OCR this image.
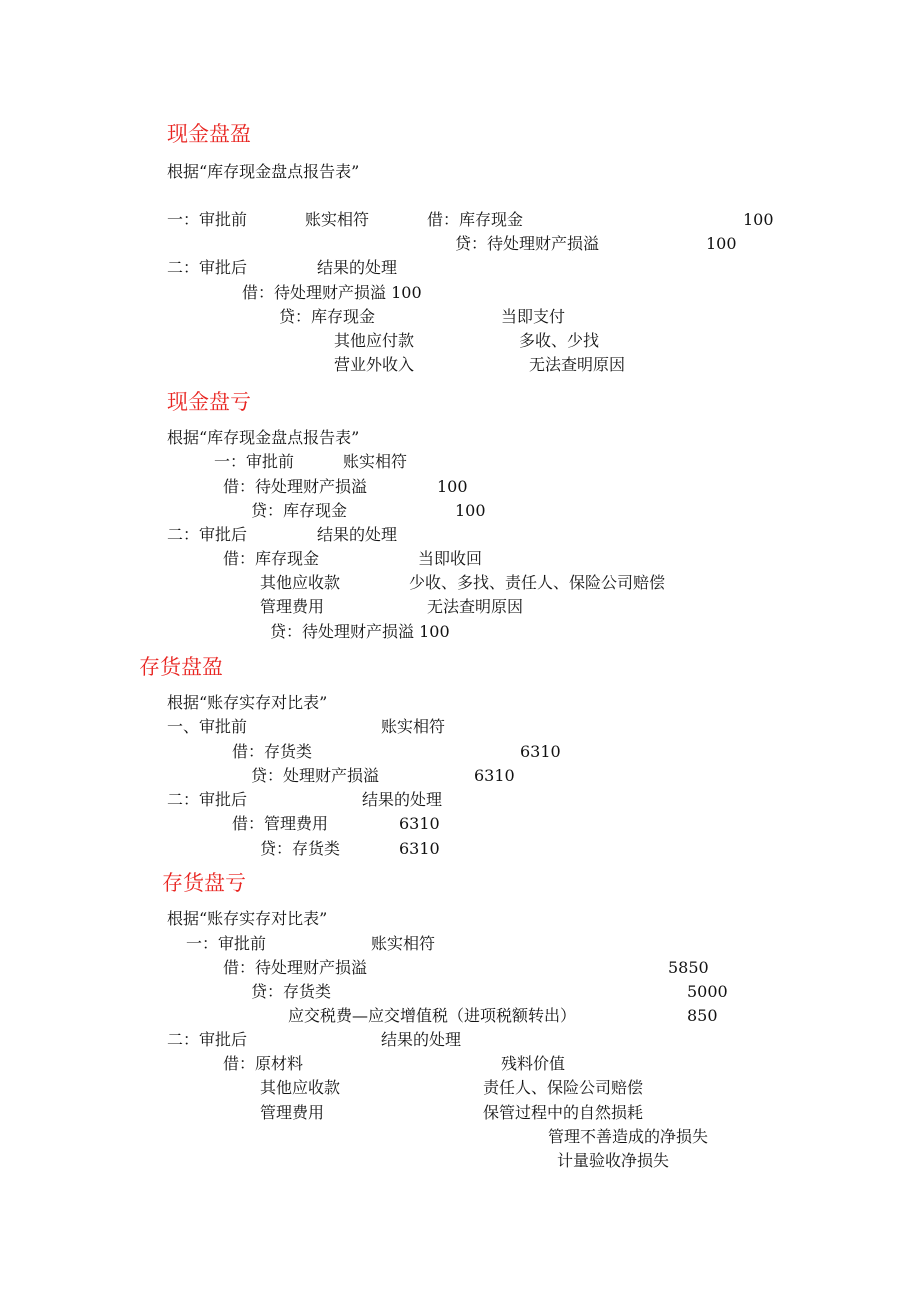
现金盘盈
根据“库存现金盘点报告表”
一：审批前	账实相符	借：库存现金	100
贷：待处理财产损溢	100
二：审批后	结果的处理
借：待处理财产损溢 100
贷：库存现金	当即支付
其他应付款	多收、少找
营业外收入	无法查明原因
现金盘亏
根据“库存现金盘点报告表”
一：审批前	账实相符
借：待处理财产损溢	100
贷：库存现金	100
二：审批后	结果的处理
借：库存现金	当即收回
其他应收款	少收、多找、责任人、保险公司赔偿
管理费用	无法查明原因
贷：待处理财产损溢 100
存货盘盈
根据“账存实存对比表”
一、审批前	账实相符
借：存货类	6310
贷：处理财产损溢	6310
二：审批后	结果的处理
借：管理费用	6310
贷：存货类	6310
存货盘亏
根据“账存实存对比表”
一：审批前	账实相符
借：待处理财产损溢	5850
贷：存货类	5000
应交税费—应交增值税（进项税额转出）	850
二：审批后	结果的处理
借：原材料	残料价值
其他应收款	责任人、保险公司赔偿
管理费用	保管过程中的自然损耗
管理不善造成的净损失
计量验收净损失
